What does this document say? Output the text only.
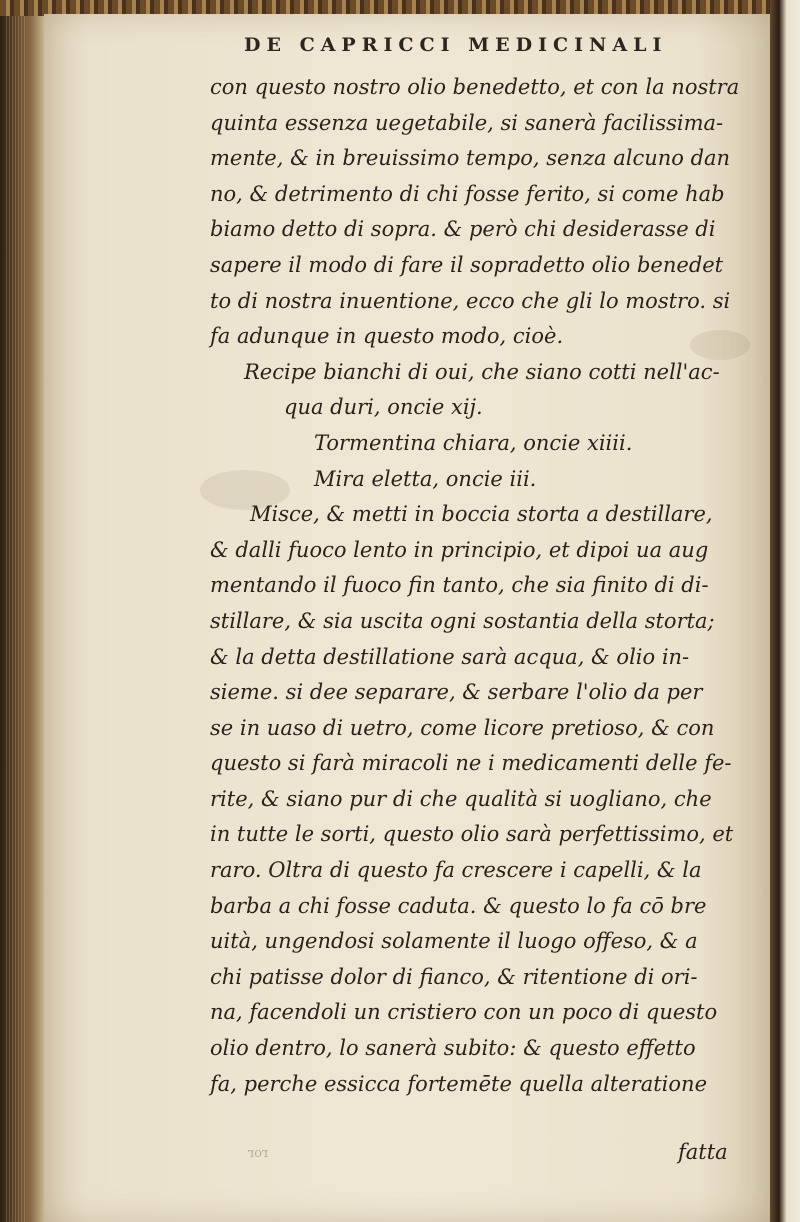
DE CAPRICCI MEDICINALI
con questo nostro olio benedetto, et con la nostra
quinta essenza uegetabile, si sanerà facilissima-
mente, & in breuissimo tempo, senza alcuno dan
no, & detrimento di chi fosse ferito, si come hab
biamo detto di sopra. & però chi desiderasse di
sapere il modo di fare il sopradetto olio benedet
to di nostra inuentione, ecco che gli lo mostro. si
fa adunque in questo modo, cioè.
Recipe bianchi di oui, che siano cotti nell'ac-
qua duri, oncie xij.
Tormentina chiara, oncie xiiii.
Mira eletta, oncie iii.
Misce, & metti in boccia storta a destillare,
& dalli fuoco lento in principio, et dipoi ua aug
mentando il fuoco fin tanto, che sia finito di di-
stillare, & sia uscita ogni sostantia della storta;
& la detta destillatione sarà acqua, & olio in-
sieme. si dee separare, & serbare l'olio da per
se in uaso di uetro, come licore pretioso, & con
questo si farà miracoli ne i medicamenti delle fe-
rite, & siano pur di che qualità si uogliano, che
in tutte le sorti, questo olio sarà perfettissimo, et
raro. Oltra di questo fa crescere i capelli, & la
barba a chi fosse caduta. & questo lo fa cō bre
uità, ungendosi solamente il luogo offeso, & a
chi patisse dolor di fianco, & ritentione di ori-
na, facendoli un cristiero con un poco di questo
olio dentro, lo sanerà subito: & questo effetto
fa, perche essicca fortemēte quella alteratione
ror	fatta
